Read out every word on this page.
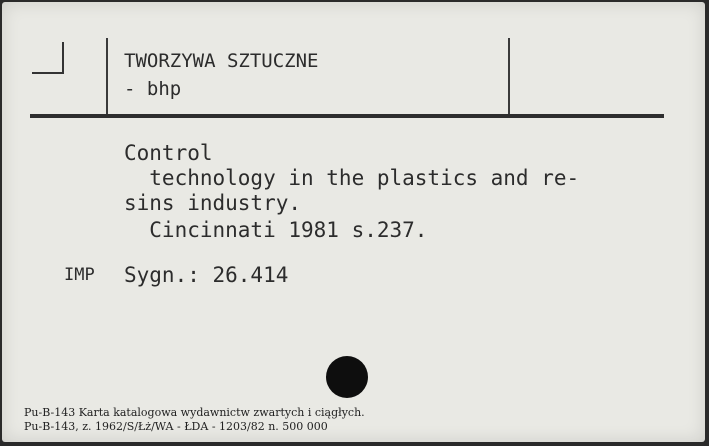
TWORZYWA SZTUCZNE
- bhp
Control
technology in the plastics and re-
sins industry.
Cincinnati 1981 s.237.
IMP Sygn.: 26.414
Pu-B-143 Karta katalogowa wydawnictw zwartych i ciągłych.
Pu-B-143, z. 1962/S/Łż/WA - ŁDA - 1203/82 n. 500 000
